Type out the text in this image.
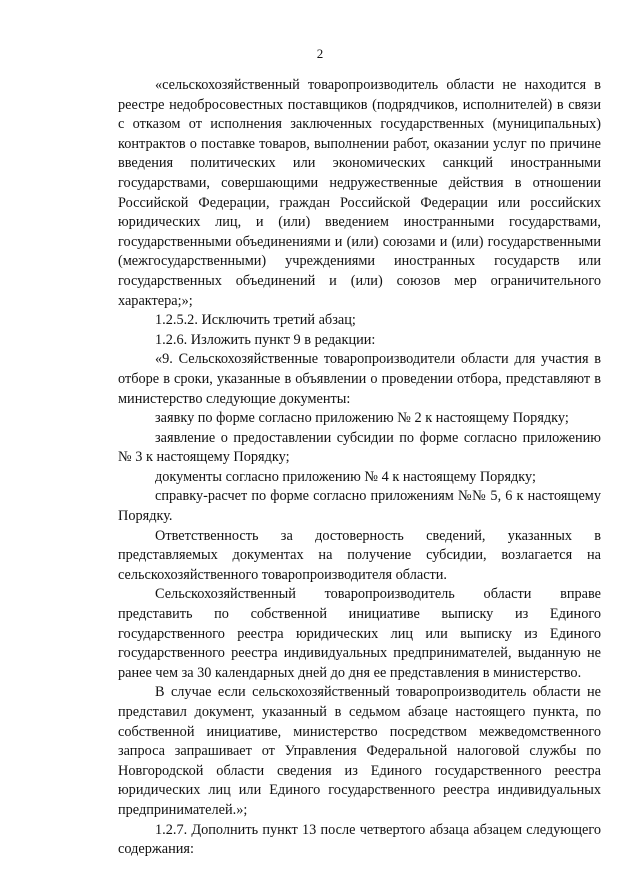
2

«сельскохозяйственный товаропроизводитель области не находится в реестре недобросовестных поставщиков (подрядчиков, исполнителей) в связи с отказом от исполнения заключенных государственных (муниципальных) контрактов о поставке товаров, выполнении работ, оказании услуг по причине введения политических или экономических санкций иностранными государствами, совершающими недружественные действия в отношении Российской Федерации, граждан Российской Федерации или российских юридических лиц, и (или) введением иностранными государствами, государственными объединениями и (или) союзами и (или) государственными (межгосударственными) учреждениями иностранных государств или государственных объединений и (или) союзов мер ограничительного характера;»;

1.2.5.2. Исключить третий абзац;

1.2.6. Изложить пункт 9 в редакции:

«9. Сельскохозяйственные товаропроизводители области для участия в отборе в сроки, указанные в объявлении о проведении отбора, представляют в министерство следующие документы:

заявку по форме согласно приложению № 2 к настоящему Порядку;

заявление о предоставлении субсидии по форме согласно приложению № 3 к настоящему Порядку;

документы согласно приложению № 4 к настоящему Порядку;

справку-расчет по форме согласно приложениям №№ 5, 6 к настоящему Порядку.

Ответственность за достоверность сведений, указанных в представляемых документах на получение субсидии, возлагается на сельскохозяйственного товаропроизводителя области.

Сельскохозяйственный товаропроизводитель области вправе представить по собственной инициативе выписку из Единого государственного реестра юридических лиц или выписку из Единого государственного реестра индивидуальных предпринимателей, выданную не ранее чем за 30 календарных дней до дня ее представления в министерство.

В случае если сельскохозяйственный товаропроизводитель области не представил документ, указанный в седьмом абзаце настоящего пункта, по собственной инициативе, министерство посредством межведомственного запроса запрашивает от Управления Федеральной налоговой службы по Новгородской области сведения из Единого государственного реестра юридических лиц или Единого государственного реестра индивидуальных предпринимателей.»;

1.2.7. Дополнить пункт 13 после четвертого абзаца абзацем следующего содержания:
